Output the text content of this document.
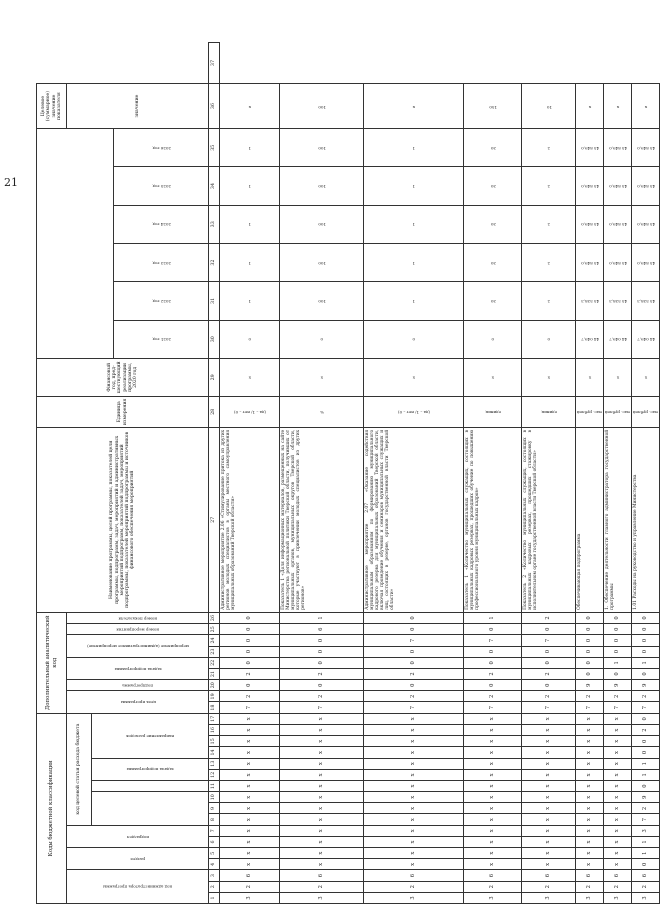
21
Коды бюджетной классификации																	Дополнительный аналитический код									Наименование программы, целей программы, показателей цели программы, подпрограмм, задач, мероприятий и административных мероприятий подпрограмм, показателей задач, мероприятий подпрограммы, показателей мероприятий подпрограммы и источников финансового обеспечения мероприятий	Единица измерения	Фінансовый год, пред-шествующий реализации программы, 2020 год							Целевое (суммарное) значение показателя	
код администратора программы			раздел		подраздел		код целевой статьи расхода бюджета										цель программы		подпрограмма	задача подпрограммы		мероприятие (административное мероприятие)		номер мероприятия	номер показателя										значение	
											задача подпрограммы		направление расходов																							
																													2021 год	2022 год	2023 год	2024 год	2025 год	2026 год		
1	2	3	4	5	6	7	8	9	10	11	12	13	14	15	16	17	18	19	20	21	22	23	24	25	26	27	28	29	30	31	32	33	34	35	36	37
3	2	6	х	х	х	х	х	х	х	х	х	х	х	х	х	х	7	2	0	2	0	0	0	0	0	Административное мероприятие 2.06 «Стимулирование притока из других регионов молодых специалистов в органы местного самоуправления муниципальных образований Тверской области»	(да – 1/ нет – 0)	х	0	1	1	1	1	1	х	
3	2	6	х	х	х	х	х	х	х	х	х	х	х	х	х	х	7	2	0	2	0	0	0	6	1	Показатель 1 «Доля информационных материалов, размещенных на сайте Министерства региональной политики Тверской области, получивших от муниципальных органов, муниципальных округов Тверской области, которые участвуют в привлечении молодых специалистов из других регионов»	%	х	0	100	100	100	100	100	100	
3	2	6	х	х	х	х	х	х	х	х	х	х	х	х	х	х	7	2	0	2	0	0	7	0	0	Административное мероприятие 2.07 «Оказание содействия муниципальным образованиям по формированию муниципального кадрового резерва для муниципальных образований Тверской области, включая проведение обучения и семинаров муниципальных служащих и лиц, состоящих в резерве, органов государственной власти Тверской области»	(да – 1/ нет – 0)	х	0	1	1	1	1	1	х	
3	2	6	х	х	х	х	х	х	х	х	х	х	х	х	х	х	7	2	0	2	0	0	7	0	1	Показатель 1 «Количество муниципальных служащих, состоящих в муниципальных кадровых резервах, прошедших обучение по повышению профессионального уровня муниципальных кадров»	единиц	х	0	30	30	30	30	30	150	
3	2	6	х	х	х	х	х	х	х	х	х	х	х	х	х	х	7	2	0	2	0	0	7	0	2	Показатель 2 «Количество муниципальных служащих, состоящих в муниципальных кадровых резервах, прошедших стажировку в исполнительном органе государственной власти Тверской области»	единиц	х	0	2	2	2	2	2	10	
3	2	6	х	х	х	х	х	х	х	х	х	х	х	х	х	х	7	2	9	0	0	0	0	0	0	Обеспечивающая подпрограмма	тыс. рублей	х	44 049,7	45 538,3	45 849,0	45 849,0	45 849,0	45 849,0	х	
3	2	6	х	х	х	х	х	х	х	х	х	х	х	х	х	х	7	2	9	0	1	0	0	0	0	1. Обеспечение деятельности главного администратора государственной программы	тыс. рублей	х	44 049,7	45 538,3	45 849,0	45 849,0	45 849,0	45 849,0	х	
3	2	6	0	1	1	3	7	2	9	0	1	1	0	0	2	0	7	2	9	0	1	0	0	0	0	1.01 Расходы на руководство и управление Министерства	тыс. рублей	х	44 049,7	45 538,3	45 849,0	45 849,0	45 849,0	45 849,0	х	
